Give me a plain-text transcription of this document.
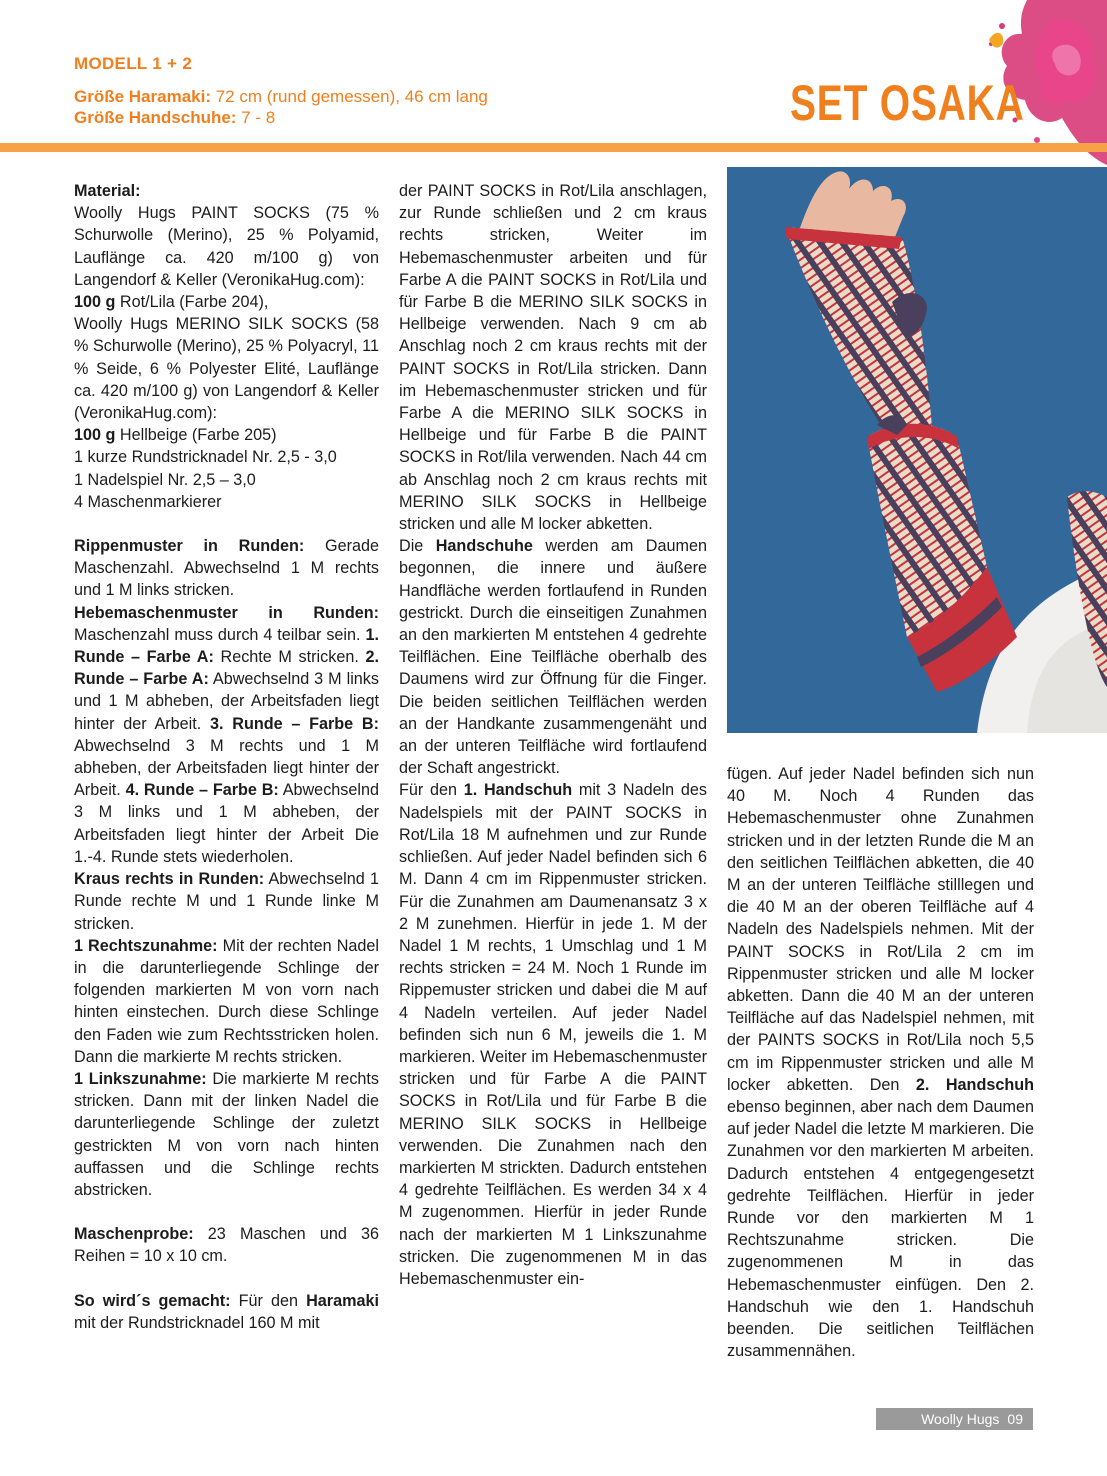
MODELL 1 + 2
Größe Haramaki: 72 cm (rund gemessen), 46 cm lang
Größe Handschuhe: 7 - 8	SET OSAKA

Material:

Woolly Hugs PAINT SOCKS (75 % Schurwolle (Merino), 25 % Polyamid, Lauflänge ca. 420 m/100 g) von Langendorf & Keller (VeronikaHug.com):

100 g Rot/Lila (Farbe 204),

Woolly Hugs MERINO SILK SOCKS (58 % Schurwolle (Merino), 25 % Polyacryl, 11 % Seide, 6 % Polyester Elité, Lauflänge ca. 420 m/100 g) von Langendorf & Keller (VeronikaHug.com):

100 g Hellbeige (Farbe 205)

1 kurze Rundstricknadel Nr. 2,5 - 3,0

1 Nadelspiel Nr. 2,5 – 3,0

4 Maschenmarkierer

Rippenmuster in Runden: Gerade Maschenzahl. Abwechselnd 1 M rechts und 1 M links stricken.

Hebemaschenmuster in Runden: Maschenzahl muss durch 4 teilbar sein. 1. Runde – Farbe A: Rechte M stricken. 2. Runde – Farbe A: Abwechselnd 3 M links und 1 M abheben, der Arbeitsfaden liegt hinter der Arbeit. 3. Runde – Farbe B: Abwechselnd 3 M rechts und 1 M abheben, der Arbeitsfaden liegt hinter der Arbeit. 4. Runde – Farbe B: Abwechselnd 3 M links und 1 M abheben, der Arbeitsfaden liegt hinter der Arbeit Die 1.-4. Runde stets wiederholen.

Kraus rechts in Runden: Abwechselnd 1 Runde rechte M und 1 Runde linke M stricken.

1 Rechtszunahme: Mit der rechten Nadel in die darunterliegende Schlinge der folgenden markierten M von vorn nach hinten einstechen. Durch diese Schlinge den Faden wie zum Rechtsstricken holen. Dann die markierte M rechts stricken.

1 Linkszunahme: Die markierte M rechts stricken. Dann mit der linken Nadel die darunterliegende Schlinge der zuletzt gestrickten M von vorn nach hinten auffassen und die Schlinge rechts abstricken.

Maschenprobe: 23 Maschen und 36 Reihen = 10 x 10 cm.

So wird´s gemacht: Für den Haramaki mit der Rundstricknadel 160 M mit

der PAINT SOCKS in Rot/Lila anschlagen, zur Runde schließen und 2 cm kraus rechts stricken, Weiter im Hebemaschenmuster arbeiten und für Farbe A die PAINT SOCKS in Rot/Lila und für Farbe B die MERINO SILK SOCKS in Hellbeige verwenden. Nach 9 cm ab Anschlag noch 2 cm kraus rechts mit der PAINT SOCKS in Rot/Lila stricken. Dann im Hebemaschenmuster stricken und für Farbe A die MERINO SILK SOCKS in Hellbeige und für Farbe B die PAINT SOCKS in Rot/lila verwenden. Nach 44 cm ab Anschlag noch 2 cm kraus rechts mit MERINO SILK SOCKS in Hellbeige stricken und alle M locker abketten.

Die Handschuhe werden am Daumen begonnen, die innere und äußere Handfläche werden fortlaufend in Runden gestrickt. Durch die einseitigen Zunahmen an den markierten M entstehen 4 gedrehte Teilflächen. Eine Teilfläche oberhalb des Daumens wird zur Öffnung für die Finger. Die beiden seitlichen Teilflächen werden an der Handkante zusammengenäht und an der unteren Teilfläche wird fortlaufend der Schaft angestrickt.

Für den 1. Handschuh mit 3 Nadeln des Nadelspiels mit der PAINT SOCKS in Rot/Lila 18 M aufnehmen und zur Runde schließen. Auf jeder Nadel befinden sich 6 M. Dann 4 cm im Rippenmuster stricken. Für die Zunahmen am Daumenansatz 3 x 2 M zunehmen. Hierfür in jede 1. M der Nadel 1 M rechts, 1 Umschlag und 1 M rechts stricken = 24 M. Noch 1 Runde im Rippemuster stricken und dabei die M auf 4 Nadeln verteilen. Auf jeder Nadel befinden sich nun 6 M, jeweils die 1. M markieren. Weiter im Hebemaschenmuster stricken und für Farbe A die PAINT SOCKS in Rot/Lila und für Farbe B die MERINO SILK SOCKS in Hellbeige verwenden. Die Zunahmen nach den markierten M strickten. Dadurch entstehen 4 gedrehte Teilflächen. Es werden 34 x 4 M zugenommen. Hierfür in jeder Runde nach der markierten M 1 Linkszunahme stricken. Die zugenommenen M in das Hebemaschenmuster ein-

fügen. Auf jeder Nadel befinden sich nun 40 M. Noch 4 Runden das Hebemaschenmuster ohne Zunahmen stricken und in der letzten Runde die M an den seitlichen Teilflächen abketten, die 40 M an der unteren Teilfläche stilllegen und die 40 M an der oberen Teilfläche auf 4 Nadeln des Nadelspiels nehmen. Mit der PAINT SOCKS in Rot/Lila 2 cm im Rippenmuster stricken und alle M locker abketten. Dann die 40 M an der unteren Teilfläche auf das Nadelspiel nehmen, mit der PAINTS SOCKS in Rot/Lila noch 5,5 cm im Rippenmuster stricken und alle M locker abketten. Den 2. Handschuh ebenso beginnen, aber nach dem Daumen auf jeder Nadel die letzte M markieren. Die Zunahmen vor den markierten M arbeiten. Dadurch entstehen 4 entgegengesetzt gedrehte Teilflächen. Hierfür in jeder Runde vor den markierten M 1 Rechtszunahme stricken. Die zugenommenen M in das Hebemaschenmuster einfügen. Den 2. Handschuh wie den 1. Handschuh beenden. Die seitlichen Teilflächen zusammennähen.

Woolly Hugs 09
